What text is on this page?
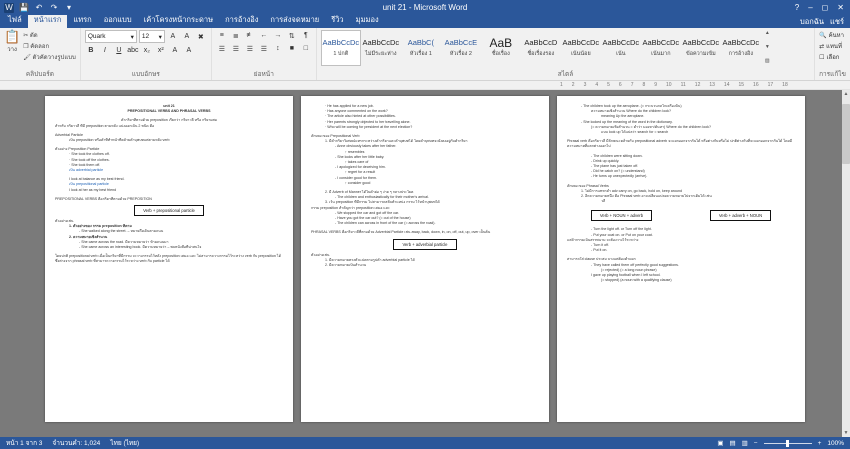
W 💾 ↶ ↷	▾	unit 21 - Microsoft Word	? – ◻ ✕
ไฟล์	หน้าแรก	แทรก	ออกแบบ	เค้าโครงหน้ากระดาษ	การอ้างอิง	การส่งจดหมาย	รีวิว	มุมมอง	บอกฉัน แชร์
📋
วาง
✂ ตัด
❐ คัดลอก
🖌 ตัวคัดวางรูปแบบ
คลิปบอร์ด
Quark	▾ 12 ▾	A	A	✖
B	I	U abc x₂	x²	A	A
แบบอักษร
≡	≣	≢	←	→	⇅	¶
☰	☰	☰	☰	↕	■	□
ย่อหน้า
AaBbCcDc
1 ปกติ
AaBbCcDc
ไม่มีระยะห่าง
AaBbC(
หัวเรื่อง 1
AaBbCcE
หัวเรื่อง 2
AaB
ชื่อเรื่อง
AaBbCcD
ชื่อเรื่องรอง
AaBbCcDc
เน้นน้อย
AaBbCcDc
เน้น
AaBbCcDc
เน้นมาก
AaBbCcDc
ข้อความเข้ม
AaBbCcDc
การอ้างอิง
▲
▼
▧
สไตล์
🔍 ค้นหา
⇄ แทนที่
☐ เลือก
การแก้ไข
1 2 3 4 5 6 7 8 9 10 11 12 13 14 15 16 17 18
unit 21
PREPOSITIONAL VERBS AND PHRASAL VERBS
คำกริยาที่ตามด้วย preposition เรียกว่า กริยาวลี หรือ กริยาผสม
สำหรับ กริยาวลี ที่มี preposition ตามหลัง แบ่งออกเป็น 2 ชนิด คือ
Adverbial Particle
เป็น preposition หรือคำที่ทำหน้าที่คล้ายคำบุพบทแต่ตามหลัง verb
ตัวอย่าง Preposition Particle
· She took the clothes off.
· She took off the clothes.
· She took them off.
เป็น adverbial particle
I look at balance as my best friend.
เป็น prepositional particle
I look at her as my best friend
PREPOSITIONAL VERBS คือกริยาที่ตามด้วย PREPOSITION
Verb + prepositional particle
ตัวอย่างเช่น
1. ตัวอย่างของ กรรม preposition ที่ตาม
- She walked along the street. – หมายถึงเดินตามถนน
2. ความหมายเชิงสำนวน
- She came across the road. มีความหมายว่า ข้ามถนนมา
- She came across an interesting book. มีความหมายว่า – พบหนังสือที่น่าสนใจ
โดยปกติ prepositional verb เมื่อเป็นกริยาที่มีกรรม จะวางกรรมไว้หลัง preposition เสมอ และ ไม่สามารถวางกรรมไว้ระหว่าง verb กับ preposition ได้ ซึ่งต่างจาก phrasal verb ที่สามารถวางกรรมไว้ระหว่าง verb กับ particle ได้
· He has applied for a new job.
· Has anyone commented on the work?
· The article also hinted at other possibilities.
· Her parents strongly objected to her travelling alone.
· Who will be coming for president at the next election?
ลักษณะของ Prepositional Verb
1. มีคำกริยาวิเศษณ์แทรกระหว่างคำกริยาและคำบุพบทได้ โดยคำบุพบทจะยังคงอยู่กับคำกริยา
- Anne obviously takes after her father.
↑ resembles
- She looks after her little baby.
↑ takes care of
- I apologized for deceiving him.
↑ regret for a result
- I consider good for them.
↑ consider good
2. มี Adverb of Manner ได้ในคำย่อ ๆ ง่าย ๆ กลางประโยค
- The children and enthusiastically for their mother's arrival.
3. เว้น preposition ที่มีกรรม ไม่สามารถสลับตำแหน่ง กรรม ไว้หน้าบุพบทได้
กรรม preposition สำคัญกว่า preposition เสมอ และ
- We stopped the car and got off the car.
- Have you got the car out? (= out of the house)
- The children can across in front of the car (= across the road).
PHRASAL VERBS คือกริยาวลีที่ตามด้วย Adverbial Particle เช่น away, back, down, in, on, off, out, up, over เป็นต้น
Verb + adverbial particle
ตัวอย่างเช่น
1. มีความหมายตรงตัวแปลตามรูปคำ adverbial particle ได้
2. มีความหมายเป็นสำนวน
- The children took up the aeroplane. (= กระบวนกลไกเครื่องบิน)
ความหมายเชิงสำนวน Where do the children look?
meaning Up the aeroplane.
- She looked up the meaning of the word in the dictionary.
(= ความหมายเชิงสำนวน = คำว่า มองหา/ค้นหา) Where do the children look?
แบบ look up ได้แปลว่า search for = search
Phrasal verb คือกริยาวลี มีลักษณะคล้ายกับ prepositional adverb จะแยกออกจากกันได้ หรือต่างกันหรือไม่ ปกติต่างกันที่จะแยกออกจากกันได้ โดยมีความหมายที่แตกต่างออกไป
- The children were sitting down.
- Drink up quickly.
- The plane has just taken off.
- Did he catch on? (= understand)
- He turns up unexpectedly (arrive).
ลักษณะของ Phrasal Verbs
1. ไม่มีการแทรกคำ adv carry on, go back, hold on, keep around
2. อีกความหมายหนึ่ง คือ Phrasal verb อาจเปลี่ยนแปลงความหมายไปจากเดิมได้ เช่น
วลี
Verb + NOUN + adverb	Verb + adverb + NOUN
- Turn the light off. or Turn off the light.
- Put your coat on. or Put on your coat.
แต่ถ้ากรรมเป็นสรรพนาม จะต้องวางไว้ระหว่าง
- Turn it off.
- Put it on.
สามารถใส่ clause ประสม บางแต่ต้องคำแยก
- They have called them off perfectly good suggestions.
(= rejected) (= a long noun phrase)
I gave up playing football when I left school.
(= stopped) (a noun with a qualifying clause)
▲
▼
หน้า 1 จาก 3 จำนวนคำ: 1,024 ไทย (ไทย)	▣ ▤ ▥ −	+ 100%
